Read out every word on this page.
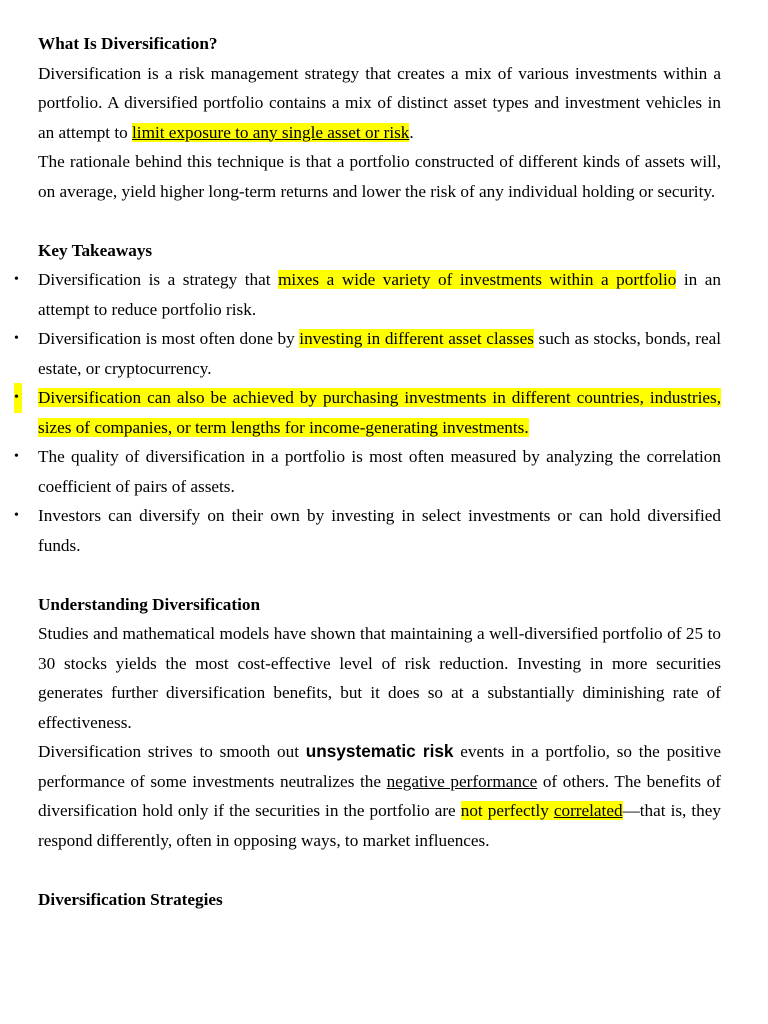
What Is Diversification?

Diversification is a risk management strategy that creates a mix of various investments within a portfolio. A diversified portfolio contains a mix of distinct asset types and investment vehicles in an attempt to limit exposure to any single asset or risk.

The rationale behind this technique is that a portfolio constructed of different kinds of assets will, on average, yield higher long-term returns and lower the risk of any individual holding or security.

Key Takeaways
• Diversification is a strategy that mixes a wide variety of investments within a portfolio in an attempt to reduce portfolio risk.
• Diversification is most often done by investing in different asset classes such as stocks, bonds, real estate, or cryptocurrency.
• Diversification can also be achieved by purchasing investments in different countries, industries, sizes of companies, or term lengths for income-generating investments.
• The quality of diversification in a portfolio is most often measured by analyzing the correlation coefficient of pairs of assets.
• Investors can diversify on their own by investing in select investments or can hold diversified funds.
Understanding Diversification

Studies and mathematical models have shown that maintaining a well-diversified portfolio of 25 to 30 stocks yields the most cost-effective level of risk reduction. Investing in more securities generates further diversification benefits, but it does so at a substantially diminishing rate of effectiveness.

Diversification strives to smooth out unsystematic risk events in a portfolio, so the positive performance of some investments neutralizes the negative performance of others. The benefits of diversification hold only if the securities in the portfolio are not perfectly correlated—that is, they respond differently, often in opposing ways, to market influences.

Diversification Strategies
